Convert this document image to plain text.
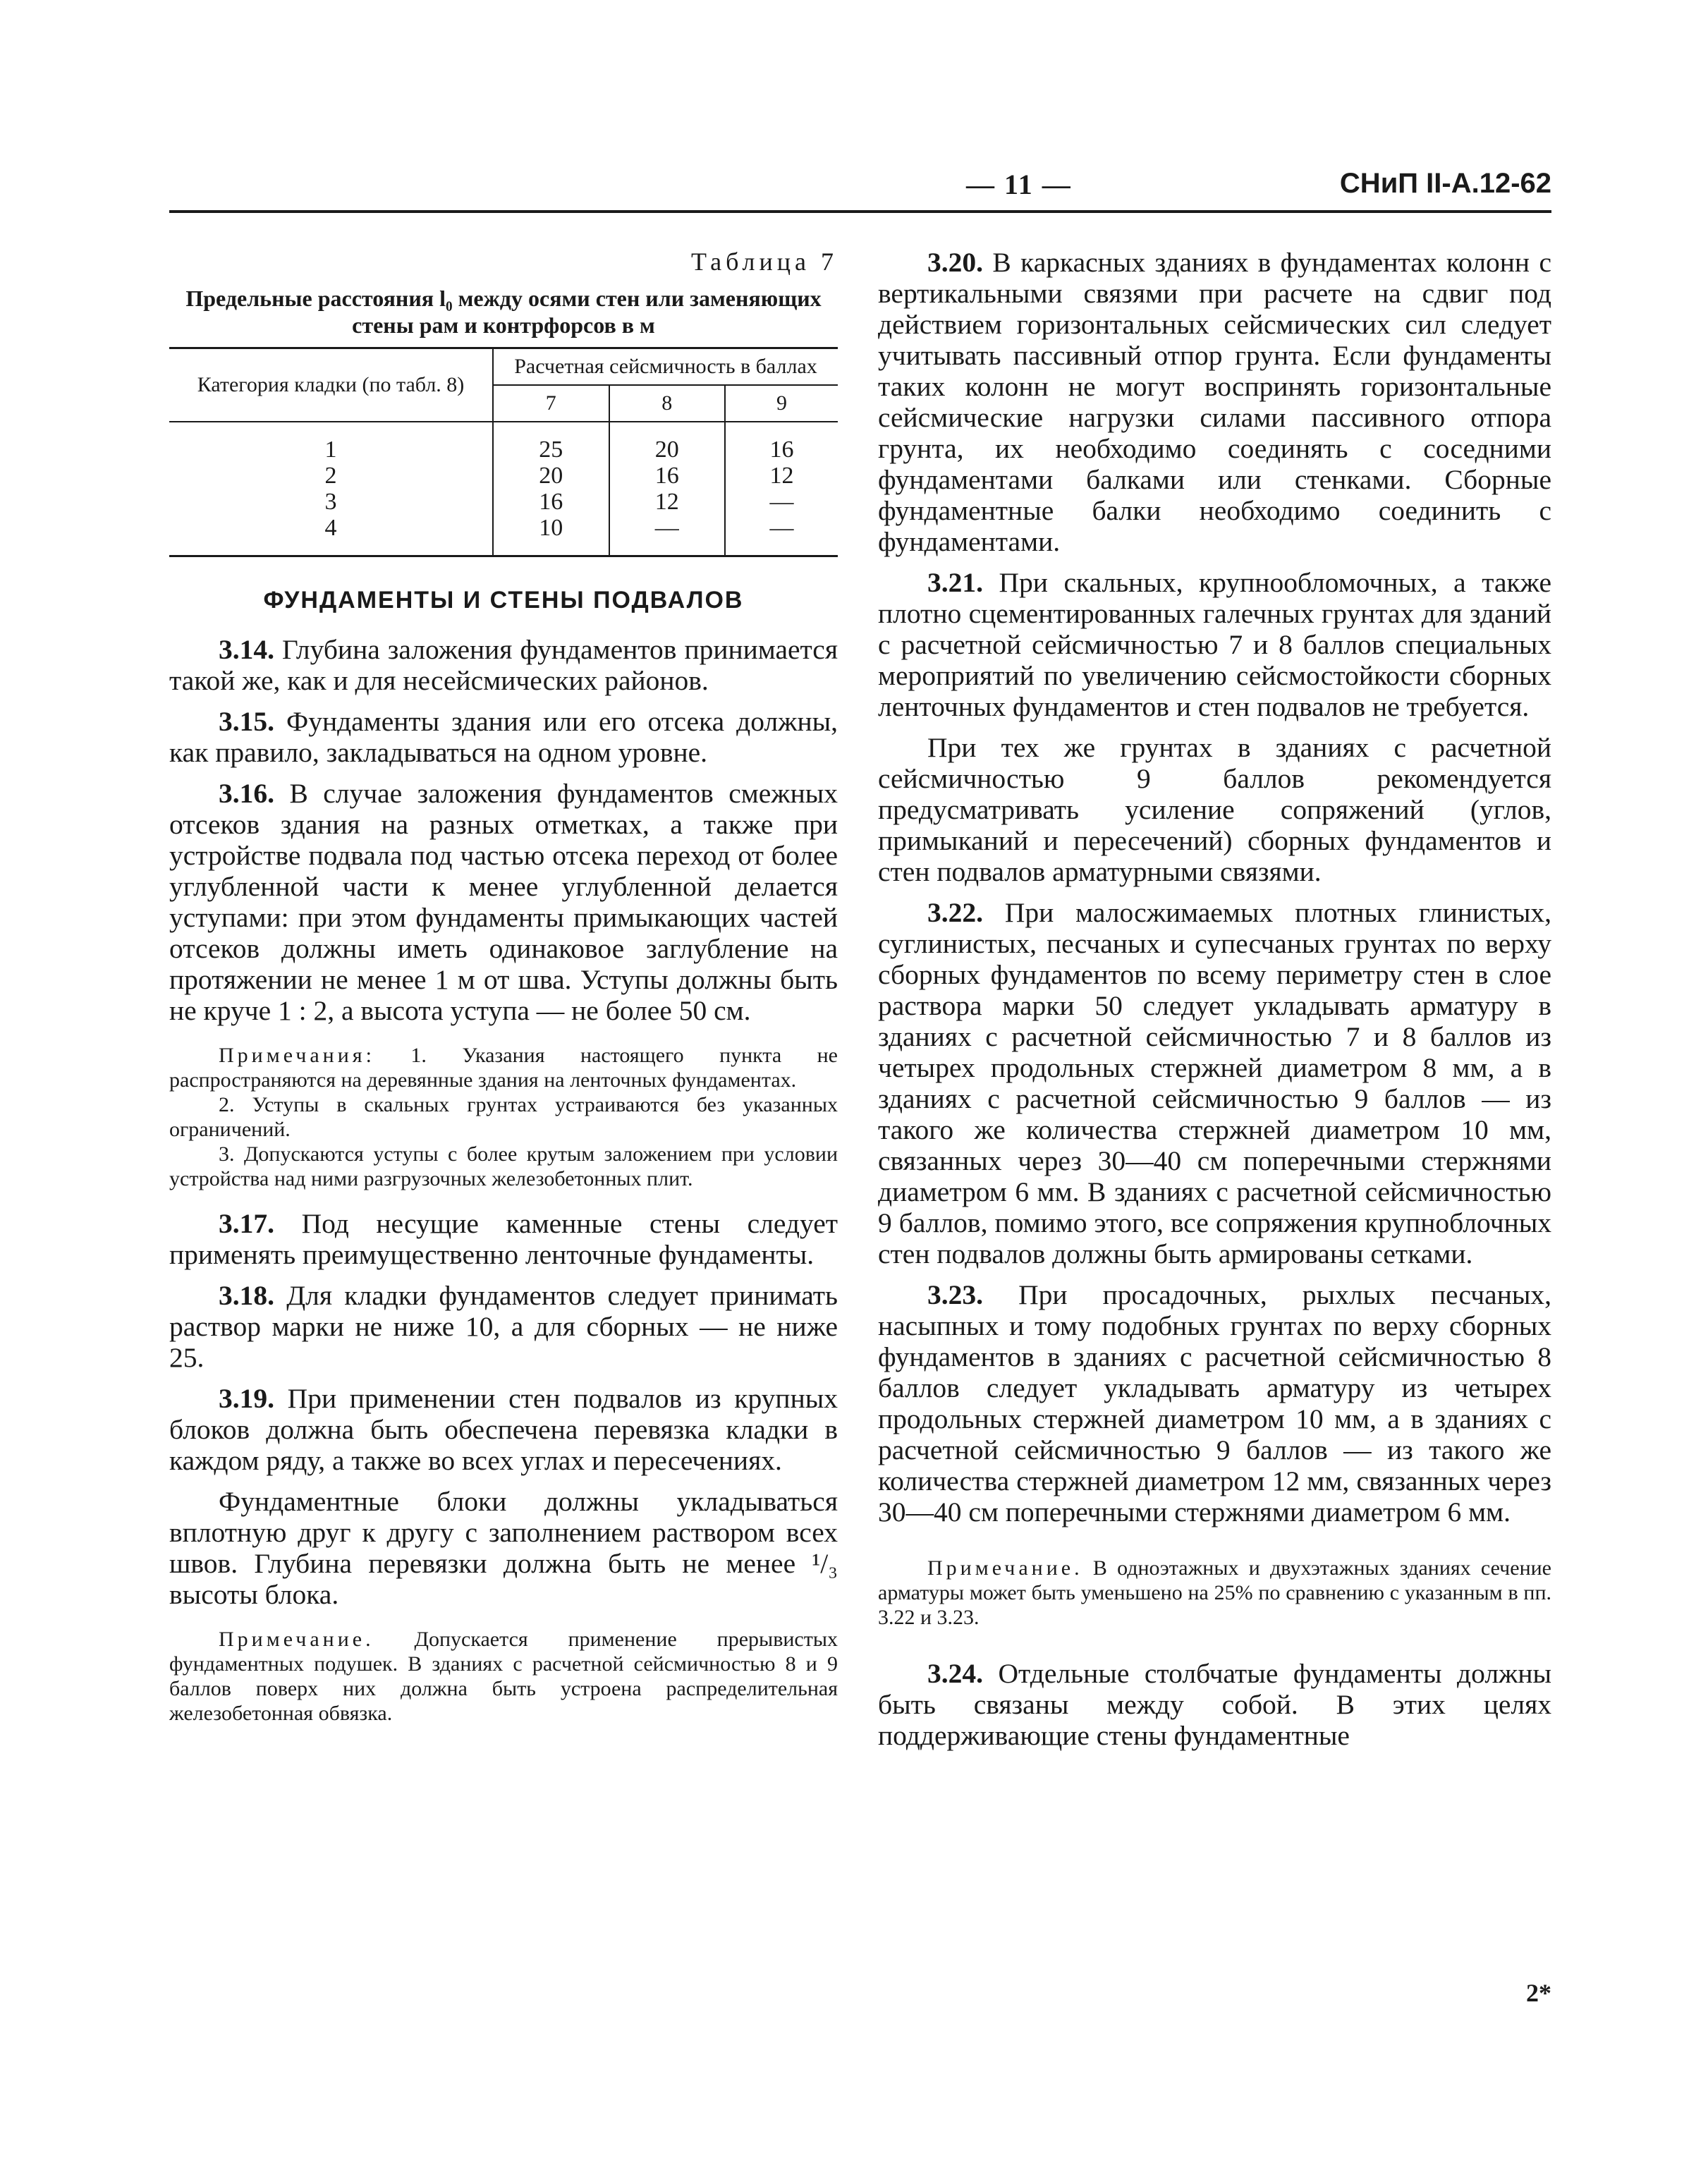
— 11 —	СНиП II-А.12-62

Таблица 7

Предельные расстояния l₀ между осями стен или заменяющих стены рам и контрфорсов в м

Категория кладки (по табл. 8)	Расчетная сейсмичность в баллах		
	7	8	9
1	25	20	16
2	20	16	12
3	16	12	—
4	10	—	—
ФУНДАМЕНТЫ И СТЕНЫ ПОДВАЛОВ

3.14. Глубина заложения фундаментов принимается такой же, как и для несейсмических районов.

3.15. Фундаменты здания или его отсека должны, как правило, закладываться на одном уровне.

3.16. В случае заложения фундаментов смежных отсеков здания на разных отметках, а также при устройстве подвала под частью отсека переход от более углубленной части к менее углубленной делается уступами: при этом фундаменты примыкающих частей отсеков должны иметь одинаковое заглубление на протяжении не менее 1 м от шва. Уступы должны быть не круче 1 : 2, а высота уступа — не более 50 см.

Примечания: 1. Указания настоящего пункта не распространяются на деревянные здания на ленточных фундаментах.

2. Уступы в скальных грунтах устраиваются без указанных ограничений.

3. Допускаются уступы с более крутым заложением при условии устройства над ними разгрузочных железобетонных плит.

3.17. Под несущие каменные стены следует применять преимущественно ленточные фундаменты.

3.18. Для кладки фундаментов следует принимать раствор марки не ниже 10, а для сборных — не ниже 25.

3.19. При применении стен подвалов из крупных блоков должна быть обеспечена перевязка кладки в каждом ряду, а также во всех углах и пересечениях.

Фундаментные блоки должны укладываться вплотную друг к другу с заполнением раствором всех швов. Глубина перевязки должна быть не менее ¹/₃ высоты блока.

Примечание. Допускается применение прерывистых фундаментных подушек. В зданиях с расчетной сейсмичностью 8 и 9 баллов поверх них должна быть устроена распределительная железобетонная обвязка.

3.20. В каркасных зданиях в фундаментах колонн с вертикальными связями при расчете на сдвиг под действием горизонтальных сейсмических сил следует учитывать пассивный отпор грунта. Если фундаменты таких колонн не могут воспринять горизонтальные сейсмические нагрузки силами пассивного отпора грунта, их необходимо соединять с соседними фундаментами балками или стенками. Сборные фундаментные балки необходимо соединить с фундаментами.

3.21. При скальных, крупнообломочных, а также плотно сцементированных галечных грунтах для зданий с расчетной сейсмичностью 7 и 8 баллов специальных мероприятий по увеличению сейсмостойкости сборных ленточных фундаментов и стен подвалов не требуется.

При тех же грунтах в зданиях с расчетной сейсмичностью 9 баллов рекомендуется предусматривать усиление сопряжений (углов, примыканий и пересечений) сборных фундаментов и стен подвалов арматурными связями.

3.22. При малосжимаемых плотных глинистых, суглинистых, песчаных и супесчаных грунтах по верху сборных фундаментов по всему периметру стен в слое раствора марки 50 следует укладывать арматуру в зданиях с расчетной сейсмичностью 7 и 8 баллов из четырех продольных стержней диаметром 8 мм, а в зданиях с расчетной сейсмичностью 9 баллов — из такого же количества стержней диаметром 10 мм, связанных через 30—40 см поперечными стержнями диаметром 6 мм. В зданиях с расчетной сейсмичностью 9 баллов, помимо этого, все сопряжения крупноблочных стен подвалов должны быть армированы сетками.

3.23. При просадочных, рыхлых песчаных, насыпных и тому подобных грунтах по верху сборных фундаментов в зданиях с расчетной сейсмичностью 8 баллов следует укладывать арматуру из четырех продольных стержней диаметром 10 мм, а в зданиях с расчетной сейсмичностью 9 баллов — из такого же количества стержней диаметром 12 мм, связанных через 30—40 см поперечными стержнями диаметром 6 мм.

Примечание. В одноэтажных и двухэтажных зданиях сечение арматуры может быть уменьшено на 25% по сравнению с указанным в пп. 3.22 и 3.23.

3.24. Отдельные столбчатые фундаменты должны быть связаны между собой. В этих целях поддерживающие стены фундаментные

2*
